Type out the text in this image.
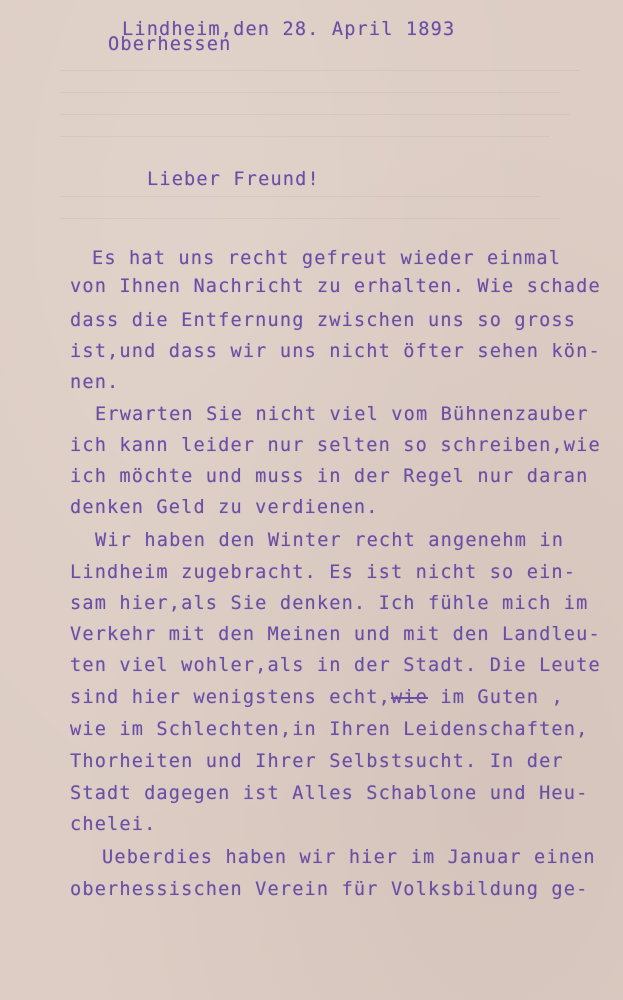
Lindheim,den 28. April 1893
Oberhessen
Lieber Freund!
Es hat uns recht gefreut wieder einmal
von Ihnen Nachricht zu erhalten. Wie schade
dass die Entfernung zwischen uns so gross
ist,und dass wir uns nicht öfter sehen kön-
nen.
Erwarten Sie nicht viel vom Bühnenzauber
ich kann leider nur selten so schreiben,wie
ich möchte und muss in der Regel nur daran
denken Geld zu verdienen.
Wir haben den Winter recht angenehm in
Lindheim zugebracht. Es ist nicht so ein-
sam hier,als Sie denken. Ich fühle mich im
Verkehr mit den Meinen und mit den Landleu-
ten viel wohler,als in der Stadt. Die Leute
sind hier wenigstens echt,wie im Guten ,
wie im Schlechten,in Ihren Leidenschaften,
Thorheiten und Ihrer Selbstsucht. In der
Stadt dagegen ist Alles Schablone und Heu-
chelei.
Ueberdies haben wir hier im Januar einen
oberhessischen Verein für Volksbildung ge-
